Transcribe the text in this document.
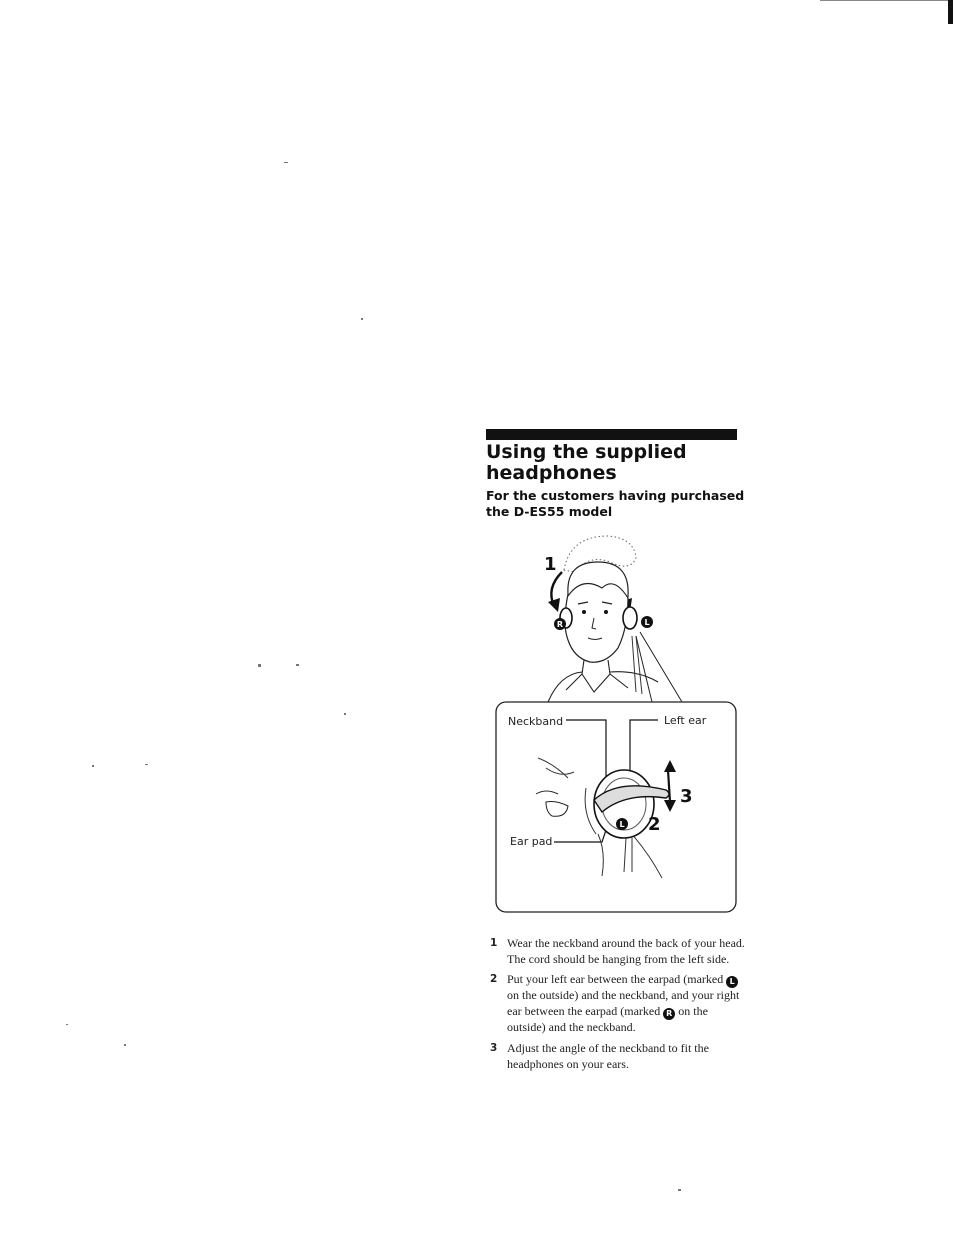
Using the supplied headphones
For the customers having purchased the D-ES55 model
1
R	L
Neckband	Left ear
Ear pad
L
3
2
1 Wear the neckband around the back of your head. The cord should be hanging from the left side.
2 Put your left ear between the earpad (marked L on the outside) and the neckband, and your right ear between the earpad (marked R on the outside) and the neckband.
3 Adjust the angle of the neckband to fit the headphones on your ears.
